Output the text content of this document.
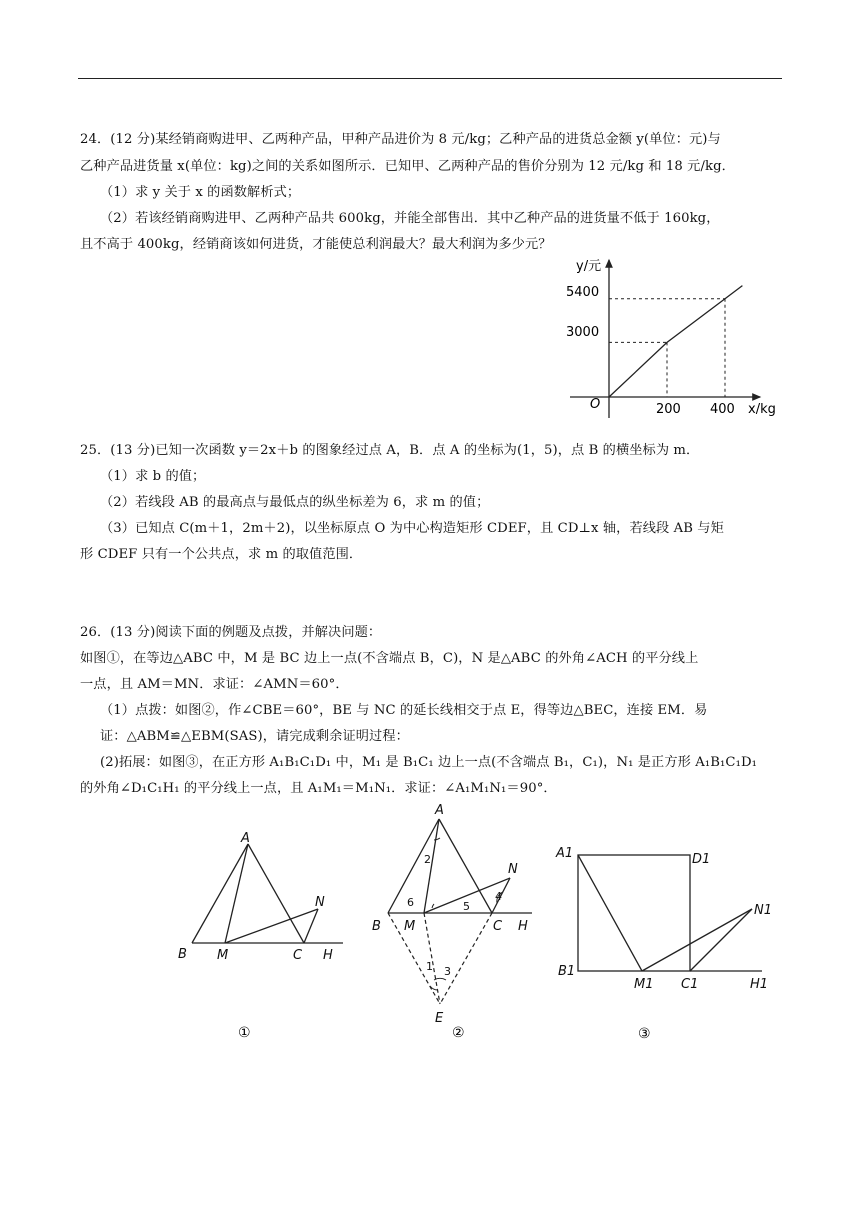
24．(12 分)某经销商购进甲、乙两种产品，甲种产品进价为 8 元/kg；乙种产品的进货总金额 y(单位：元)与
乙种产品进货量 x(单位：kg)之间的关系如图所示．已知甲、乙两种产品的售价分别为 12 元/kg 和 18 元/kg．
（1）求 y 关于 x 的函数解析式；
（2）若该经销商购进甲、乙两种产品共 600kg，并能全部售出．其中乙种产品的进货量不低于 160kg，
且不高于 400kg，经销商该如何进货，才能使总利润最大？最大利润为多少元？
O
y/元
x/kg
5400
3000
200 400
25．(13 分)已知一次函数 y＝2x＋b 的图象经过点 A，B．点 A 的坐标为(1，5)，点 B 的横坐标为 m．
（1）求 b 的值；
（2）若线段 AB 的最高点与最低点的纵坐标差为 6，求 m 的值；
（3）已知点 C(m＋1，2m＋2)，以坐标原点 O 为中心构造矩形 CDEF，且 CD⊥x 轴，若线段 AB 与矩
形 CDEF 只有一个公共点，求 m 的取值范围．
26．(13 分)阅读下面的例题及点拨，并解决问题：
如图①，在等边△ABC 中，M 是 BC 边上一点(不含端点 B，C)，N 是△ABC 的外角∠ACH 的平分线上
一点，且 AM＝MN．求证：∠AMN＝60°．
（1）点拨：如图②，作∠CBE＝60°，BE 与 NC 的延长线相交于点 E，得等边△BEC，连接 EM．易
证：△ABM≌△EBM(SAS)，请完成剩余证明过程：
(2)拓展：如图③，在正方形 A₁B₁C₁D₁ 中，M₁ 是 B₁C₁ 边上一点(不含端点 B₁，C₁)，N₁ 是正方形 A₁B₁C₁D₁
的外角∠D₁C₁H₁ 的平分线上一点，且 A₁M₁＝M₁N₁．求证：∠A₁M₁N₁＝90°．
A
B M	C
N
H
①
A
B M	C
N
H
E
1
2
3
4
5
6
②
A1	D1
B1
M1 C1
N1
H1
③
